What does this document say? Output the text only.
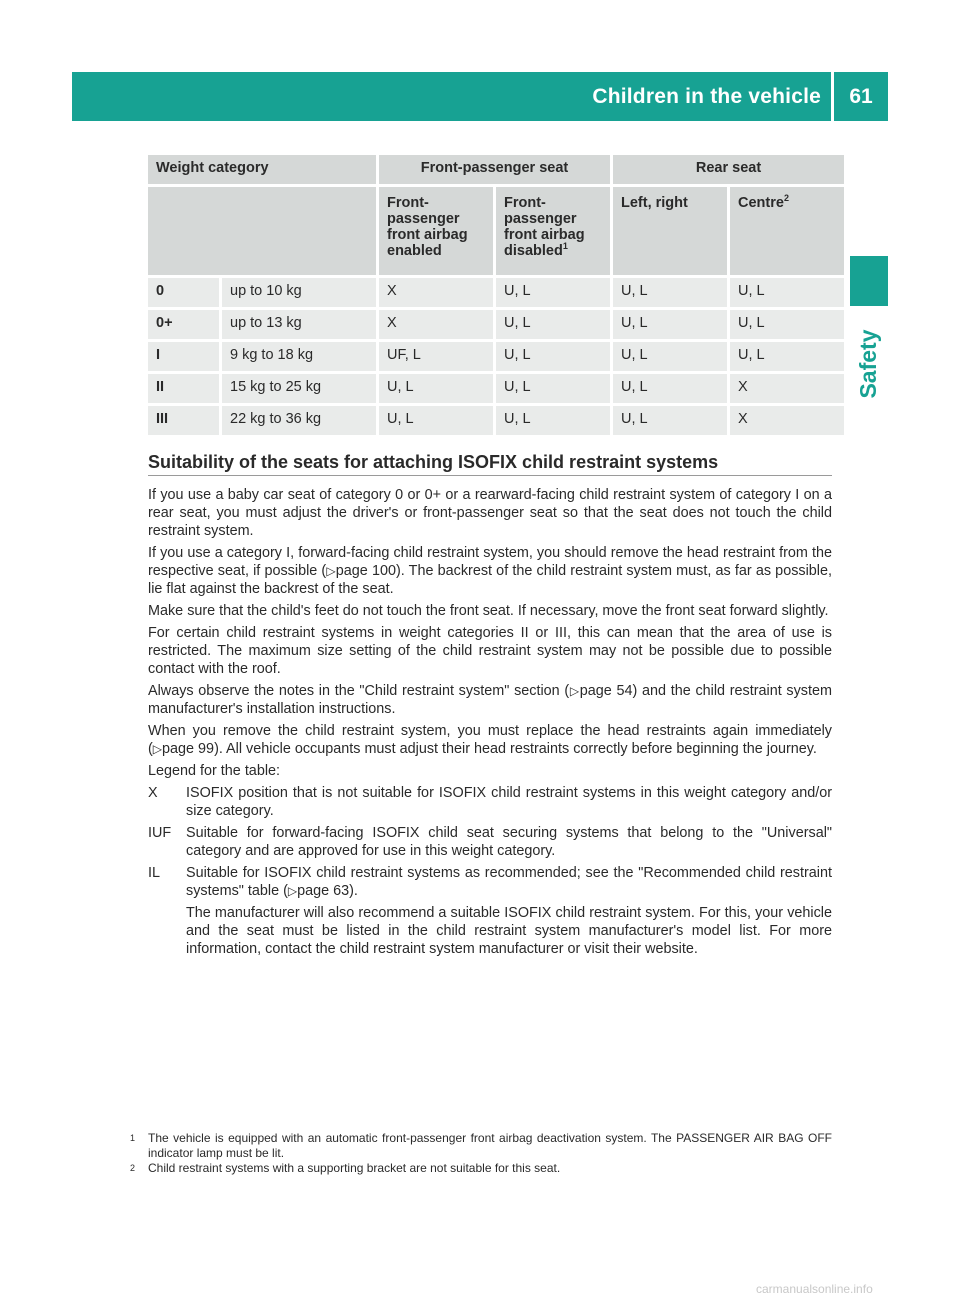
Children in the vehicle	61
Safety
Weight category		Front-passenger seat		Rear seat	
		Front-passenger front airbag enabled	Front-passenger front airbag disabled$^1$	Left, right	Centre$^2$
0	up to 10 kg	X	U, L	U, L	U, L
0+	up to 13 kg	X	U, L	U, L	U, L
I	9 kg to 18 kg	UF, L	U, L	U, L	U, L
II	15 kg to 25 kg	U, L	U, L	U, L	X
III	22 kg to 36 kg	U, L	U, L	U, L	X
Suitability of the seats for attaching ISOFIX child restraint systems

If you use a baby car seat of category 0 or 0+ or a rearward-facing child restraint system of category I on a rear seat, you must adjust the driver's or front-passenger seat so that the seat does not touch the child restraint system.

If you use a category I, forward-facing child restraint system, you should remove the head restraint from the respective seat, if possible (▷page 100). The backrest of the child restraint system must, as far as possible, lie flat against the backrest of the seat.

Make sure that the child's feet do not touch the front seat. If necessary, move the front seat forward slightly.

For certain child restraint systems in weight categories II or III, this can mean that the area of use is restricted. The maximum size setting of the child restraint system may not be possible due to possible contact with the roof.

Always observe the notes in the "Child restraint system" section (▷page 54) and the child restraint system manufacturer's installation instructions.

When you remove the child restraint system, you must replace the head restraints again immediately (▷page 99). All vehicle occupants must adjust their head restraints correctly before beginning the journey.

Legend for the table:

X	ISOFIX position that is not suitable for ISOFIX child restraint systems in this weight category and/or size category.
IUF	Suitable for forward-facing ISOFIX child seat securing systems that belong to the "Universal" category and are approved for use in this weight category.
IL	Suitable for ISOFIX child restraint systems as recommended; see the "Recommended child restraint systems" table (▷page 63).

The manufacturer will also recommend a suitable ISOFIX child restraint system. For this, your vehicle and the seat must be listed in the child restraint system manufacturer's model list. For more information, contact the child restraint system manufacturer or visit their website.

1	The vehicle is equipped with an automatic front-passenger front airbag deactivation system. The PASSENGER AIR BAG OFF indicator lamp must be lit.
2	Child restraint systems with a supporting bracket are not suitable for this seat.
carmanualsonline.info
